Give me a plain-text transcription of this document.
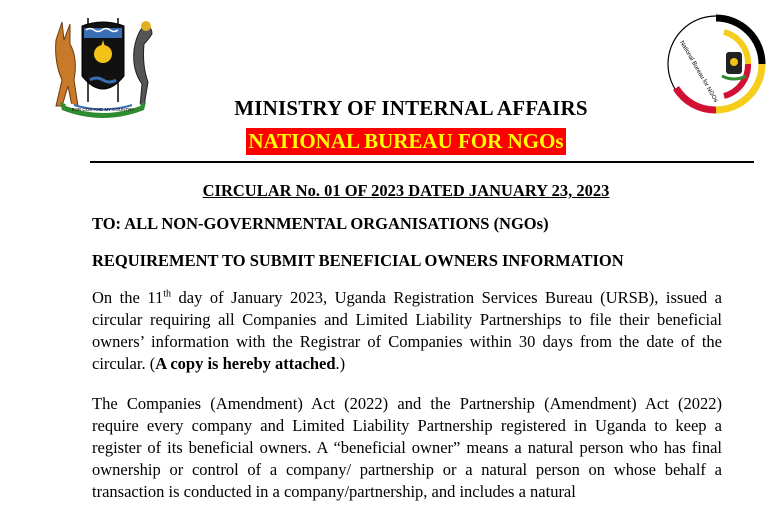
FOR GOD AND MY COUNTRY
National Bureau for NGOs
MINISTRY OF INTERNAL AFFAIRS
NATIONAL BUREAU FOR NGOs
CIRCULAR No. 01 OF 2023 DATED JANUARY 23, 2023
TO: ALL NON-GOVERNMENTAL ORGANISATIONS (NGOs)
REQUIREMENT TO SUBMIT BENEFICIAL OWNERS INFORMATION

On the 11th day of January 2023, Uganda Registration Services Bureau (URSB), issued a circular requiring all Companies and Limited Liability Partnerships to file their beneficial owners’ information with the Registrar of Companies within 30 days from the date of the circular. (A copy is hereby attached.)

The Companies (Amendment) Act (2022) and the Partnership (Amendment) Act (2022) require every company and Limited Liability Partnership registered in Uganda to keep a register of its beneficial owners. A “beneficial owner” means a natural person who has final ownership or control of a company/ partnership or a natural person on whose behalf a transaction is conducted in a company/partnership, and includes a natural
